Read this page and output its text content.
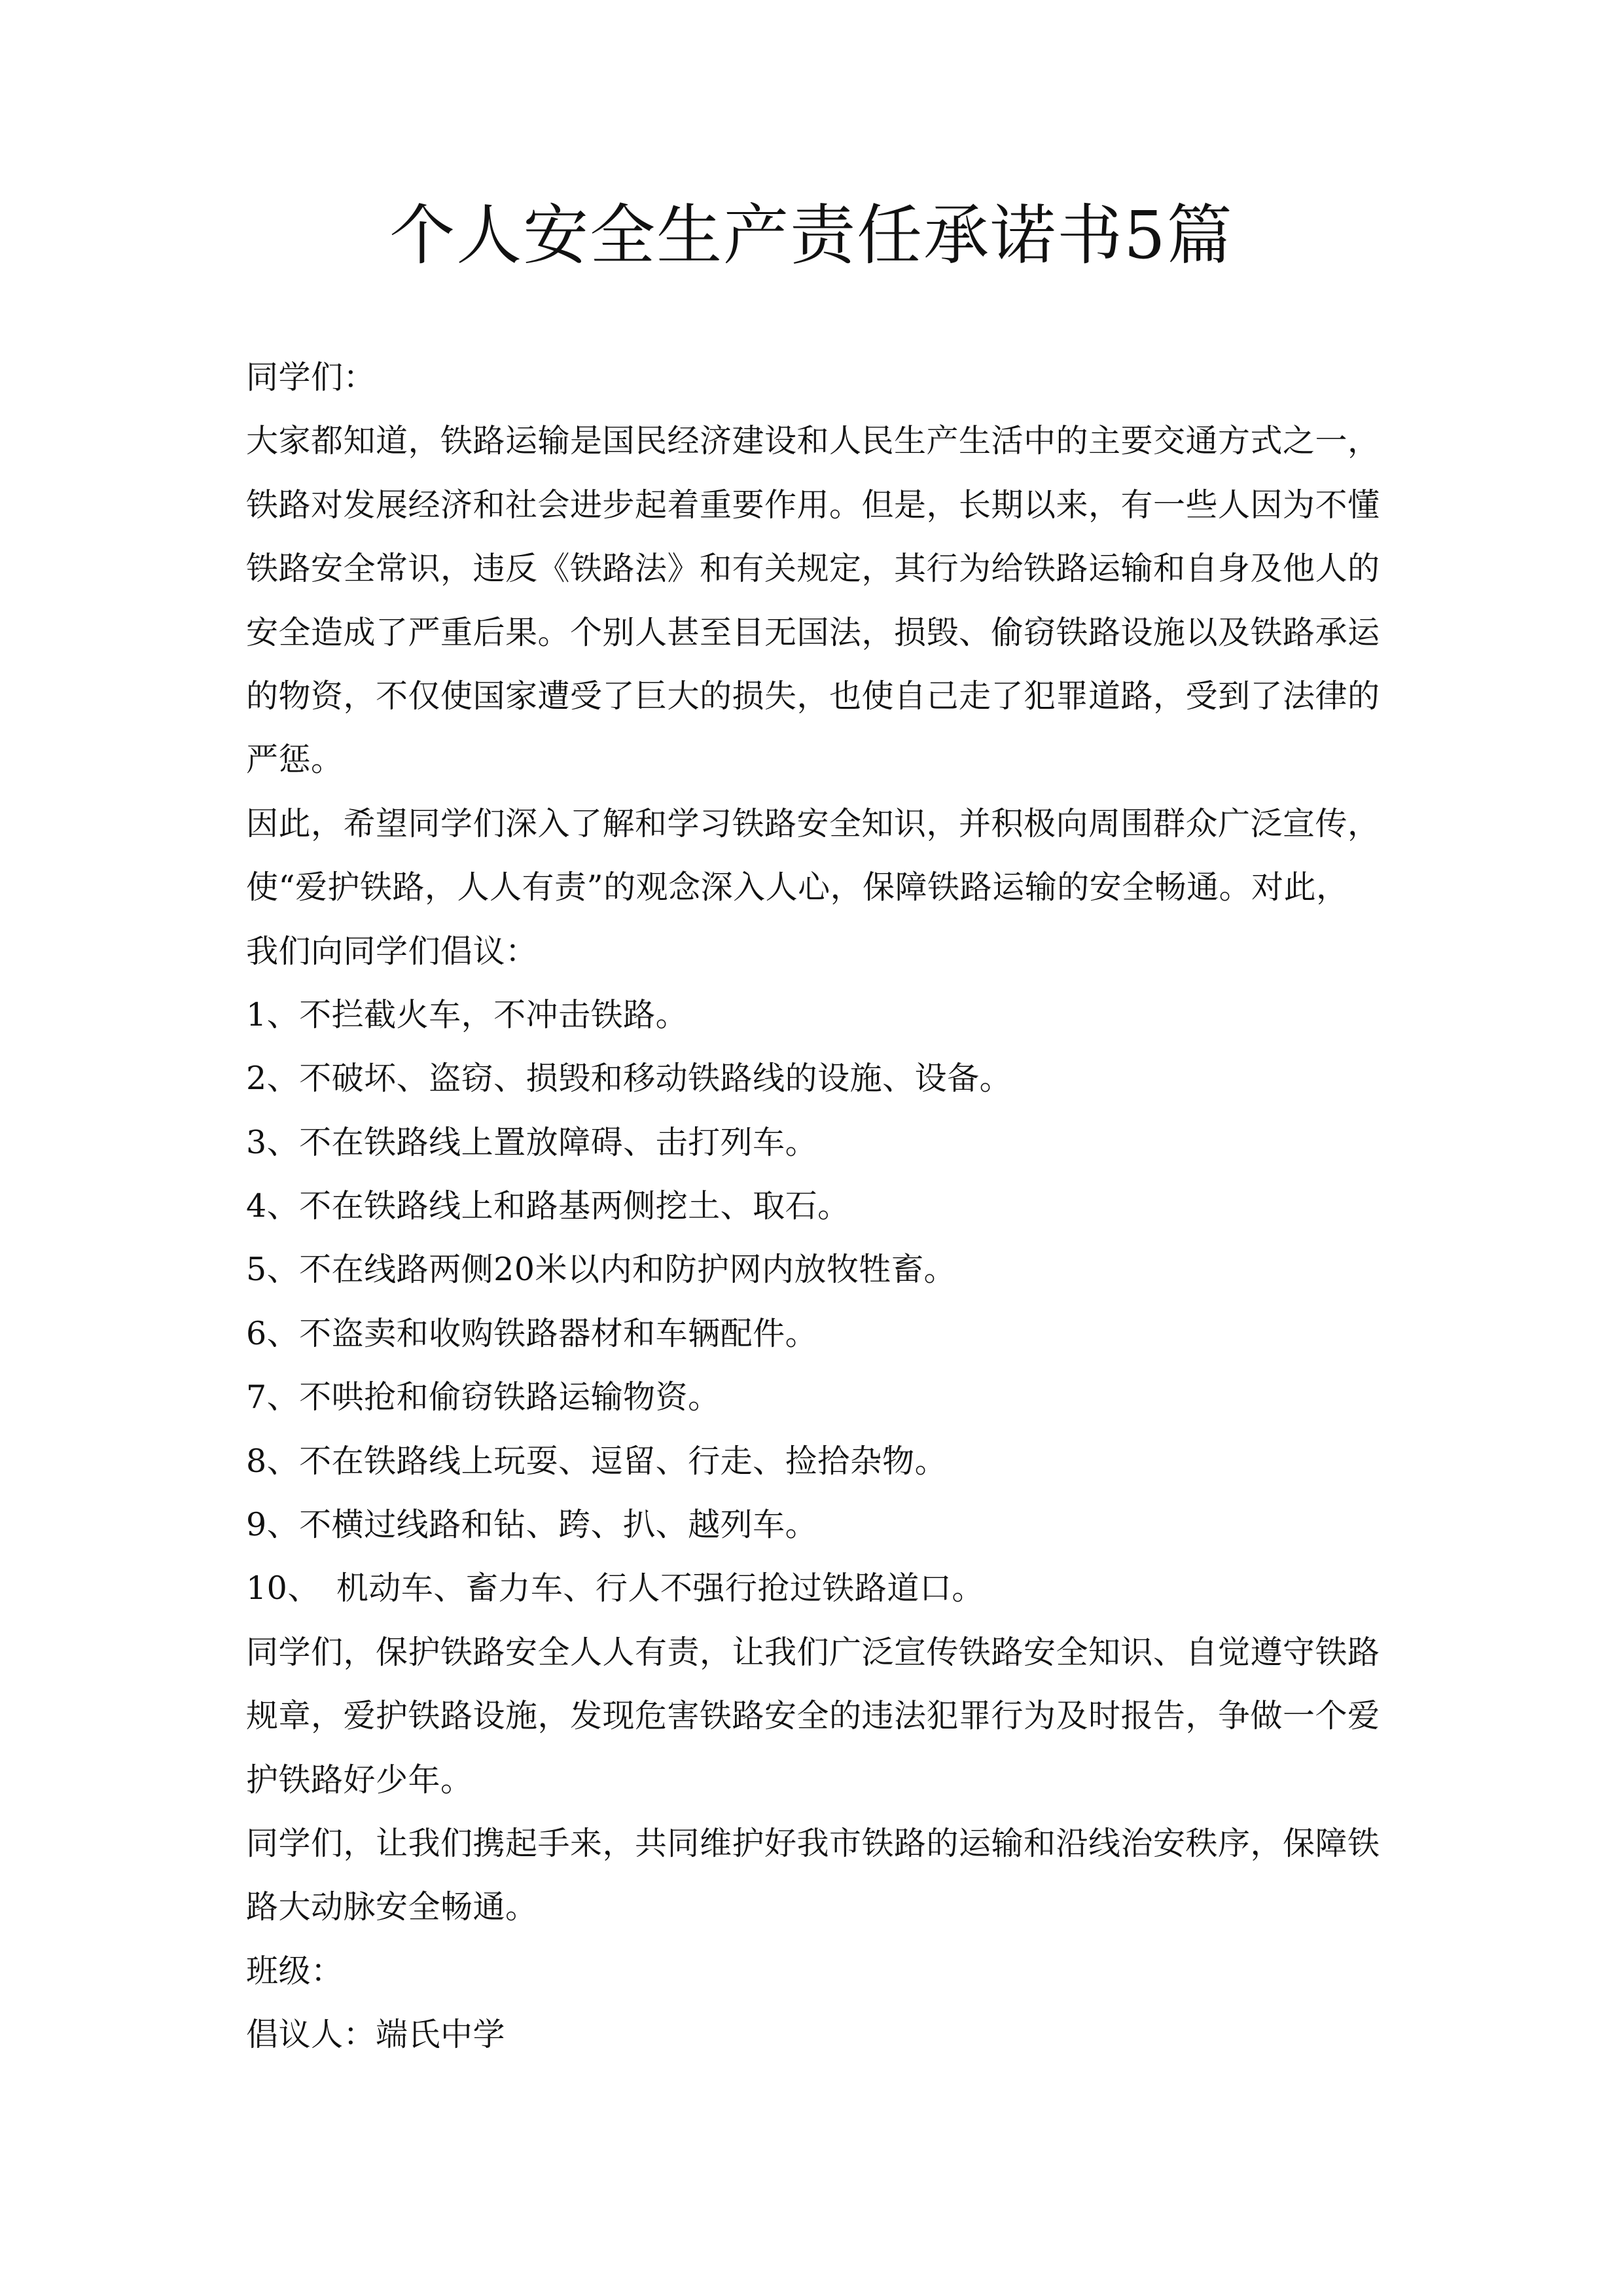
个人安全生产责任承诺书5篇
同学们：
大家都知道，铁路运输是国民经济建设和人民生产生活中的主要交通方式之一，
铁路对发展经济和社会进步起着重要作用。但是，长期以来，有一些人因为不懂
铁路安全常识，违反《铁路法》和有关规定，其行为给铁路运输和自身及他人的
安全造成了严重后果。个别人甚至目无国法，损毁、偷窃铁路设施以及铁路承运
的物资，不仅使国家遭受了巨大的损失，也使自己走了犯罪道路，受到了法律的
严惩。
因此，希望同学们深入了解和学习铁路安全知识，并积极向周围群众广泛宣传，
使“爱护铁路，人人有责”的观念深入人心，保障铁路运输的安全畅通。对此，
我们向同学们倡议：
1、不拦截火车，不冲击铁路。
2、不破坏、盗窃、损毁和移动铁路线的设施、设备。
3、不在铁路线上置放障碍、击打列车。
4、不在铁路线上和路基两侧挖土、取石。
5、不在线路两侧20米以内和防护网内放牧牲畜。
6、不盗卖和收购铁路器材和车辆配件。
7、不哄抢和偷窃铁路运输物资。
8、不在铁路线上玩耍、逗留、行走、捡拾杂物。
9、不横过线路和钻、跨、扒、越列车。
10、　机动车、畜力车、行人不强行抢过铁路道口。
同学们，保护铁路安全人人有责，让我们广泛宣传铁路安全知识、自觉遵守铁路
规章，爱护铁路设施，发现危害铁路安全的违法犯罪行为及时报告，争做一个爱
护铁路好少年。
同学们，让我们携起手来，共同维护好我市铁路的运输和沿线治安秩序，保障铁
路大动脉安全畅通。
班级：
倡议人：端氏中学
